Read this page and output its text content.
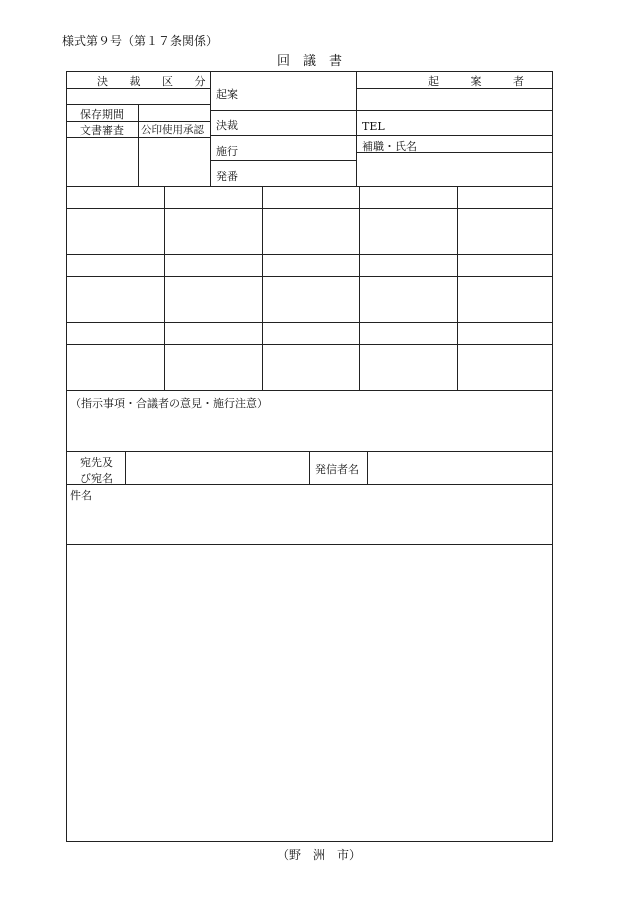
様式第９号（第１７条関係）
回　議　書
決 裁 区 分	起 案 者
保存期間
文書審査 公印使用承認
起案
決裁
施行
発番
TEL
補職・氏名
（指示事項・合議者の意見・施行注意）
宛先及
び宛名
発信者名
件名
（野　洲　市）
